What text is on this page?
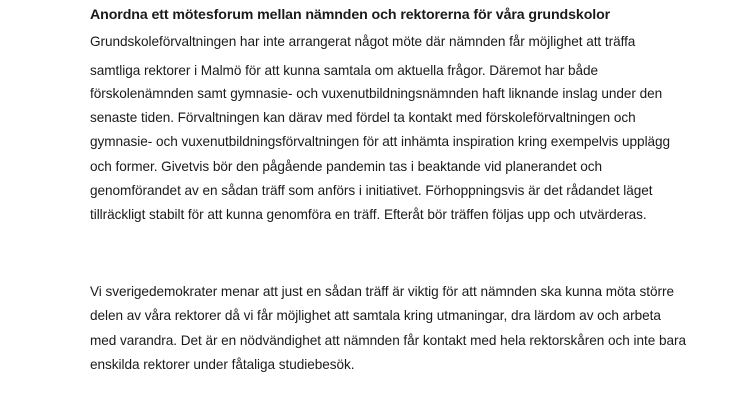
Anordna ett mötesforum mellan nämnden och rektorerna för våra grundskolor
Grundskoleförvaltningen har inte arrangerat något möte där nämnden får möjlighet att träffa
samtliga rektorer i Malmö för att kunna samtala om aktuella frågor. Däremot har både
förskolenämnden samt gymnasie- och vuxenutbildningsnämnden haft liknande inslag under den
senaste tiden. Förvaltningen kan därav med fördel ta kontakt med förskoleförvaltningen och
gymnasie- och vuxenutbildningsförvaltningen för att inhämta inspiration kring exempelvis upplägg
och former. Givetvis bör den pågående pandemin tas i beaktande vid planerandet och
genomförandet av en sådan träff som anförs i initiativet. Förhoppningsvis är det rådandet läget
tillräckligt stabilt för att kunna genomföra en träff. Efteråt bör träffen följas upp och utvärderas.
Vi sverigedemokrater menar att just en sådan träff är viktig för att nämnden ska kunna möta större
delen av våra rektorer då vi får möjlighet att samtala kring utmaningar, dra lärdom av och arbeta
med varandra. Det är en nödvändighet att nämnden får kontakt med hela rektorskåren och inte bara
enskilda rektorer under fåtaliga studiebesök.
